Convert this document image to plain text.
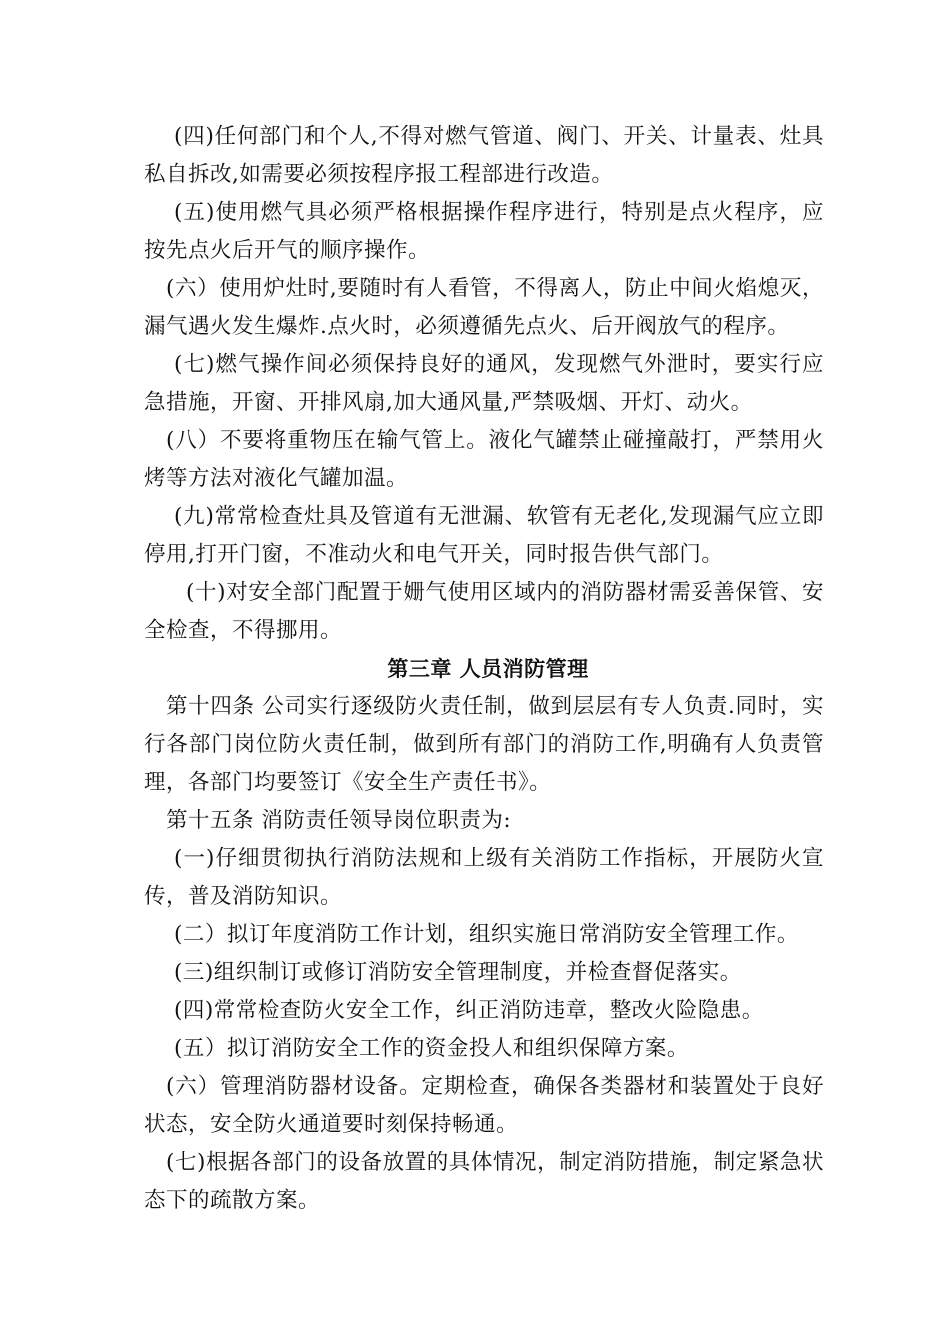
(四)任何部门和个人,不得对燃气管道、阀门、开关、计量表、灶具私自拆改,如需要必须按程序报工程部进行改造。

(五)使用燃气具必须严格根据操作程序进行，特别是点火程序，应按先点火后开气的顺序操作。

(六）使用炉灶时,要随时有人看管，不得离人，防止中间火焰熄灭，漏气遇火发生爆炸.点火时，必须遵循先点火、后开阀放气的程序。

(七)燃气操作间必须保持良好的通风，发现燃气外泄时，要实行应急措施，开窗、开排风扇,加大通风量,严禁吸烟、开灯、动火。

(八）不要将重物压在输气管上。液化气罐禁止碰撞敲打，严禁用火烤等方法对液化气罐加温。

(九)常常检查灶具及管道有无泄漏、软管有无老化,发现漏气应立即停用,打开门窗，不准动火和电气开关，同时报告供气部门。

(十)对安全部门配置于姗气使用区域内的消防器材需妥善保管、安全检查，不得挪用。

第三章 人员消防管理

第十四条 公司实行逐级防火责任制，做到层层有专人负责.同时，实行各部门岗位防火责任制，做到所有部门的消防工作,明确有人负责管理，各部门均要签订《安全生产责任书》。

第十五条 消防责任领导岗位职责为:

(一)仔细贯彻执行消防法规和上级有关消防工作指标，开展防火宣传，普及消防知识。

(二）拟订年度消防工作计划，组织实施日常消防安全管理工作。

(三)组织制订或修订消防安全管理制度，并检查督促落实。

(四)常常检查防火安全工作，纠正消防违章，整改火险隐患。

(五）拟订消防安全工作的资金投人和组织保障方案。

(六）管理消防器材设备。定期检查，确保各类器材和装置处于良好状态，安全防火通道要时刻保持畅通。

(七)根据各部门的设备放置的具体情况，制定消防措施，制定紧急状态下的疏散方案。
